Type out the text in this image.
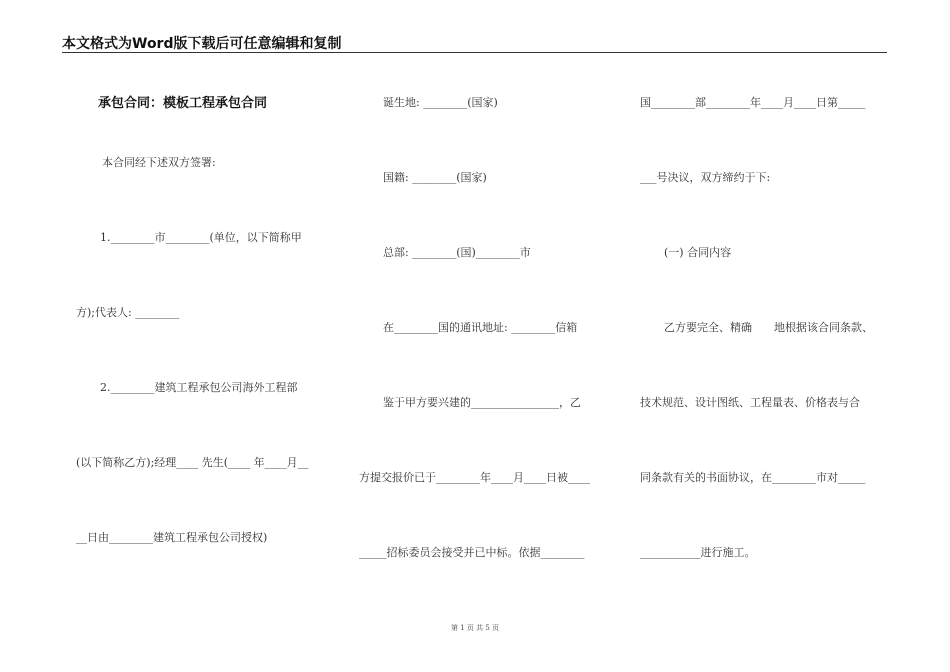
本文格式为Word版下载后可任意编辑和复制
承包合同：模板工程承包合同
本合同经下述双方签署:
1.________市________(单位，以下简称甲
方);代表人: ________
2.________建筑工程承包公司海外工程部
(以下简称乙方);经理____ 先生(____ 年____月__
__日由________建筑工程承包公司授权)
诞生地: ________(国家)
国籍: ________(国家)
总部: ________(国)________市
在________国的通讯地址: ________信箱
鉴于甲方要兴建的________________，乙
方提交报价已于________年____月____日被____
_____招标委员会接受并已中标。依据________
国________部________年____月____日第_____
___号决议，双方缔约于下:
(一) 合同内容
乙方要完全、精确　　地根据该合同条款、
技术规范、设计图纸、工程量表、价格表与合
同条款有关的书面协议，在________市对_____
___________进行施工。
第 1 页 共 5 页
